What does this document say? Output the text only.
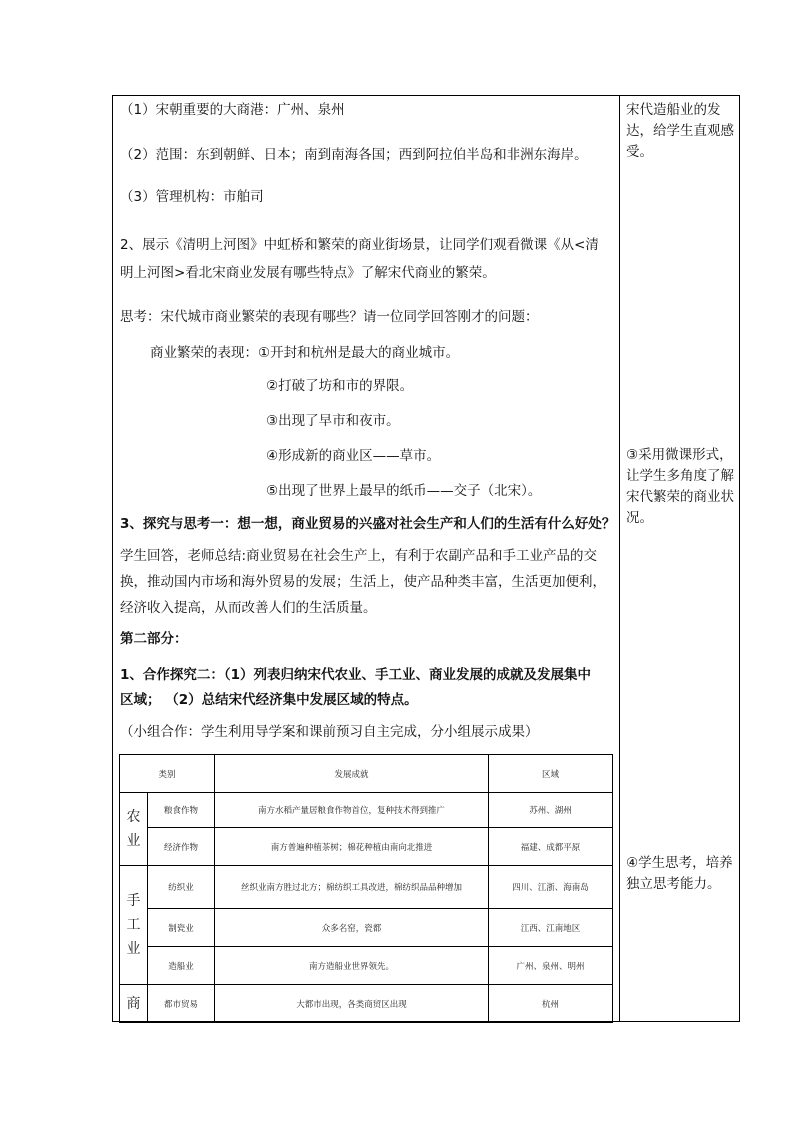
（1）宋朝重要的大商港：广州、泉州
（2）范围：东到朝鲜、日本；南到南海各国；西到阿拉伯半岛和非洲东海岸。
（3）管理机构：市舶司
2、展示《清明上河图》中虹桥和繁荣的商业街场景，让同学们观看微课《从<清
明上河图>看北宋商业发展有哪些特点》了解宋代商业的繁荣。
思考：宋代城市商业繁荣的表现有哪些？请一位同学回答刚才的问题：
商业繁荣的表现：①开封和杭州是最大的商业城市。
②打破了坊和市的界限。
③出现了早市和夜市。
④形成新的商业区——草市。
⑤出现了世界上最早的纸币——交子（北宋）。
3、探究与思考一：想一想，商业贸易的兴盛对社会生产和人们的生活有什么好处？
学生回答，老师总结:商业贸易在社会生产上，有利于农副产品和手工业产品的交换，推动国内市场和海外贸易的发展；生活上，使产品种类丰富，生活更加便利，经济收入提高，从而改善人们的生活质量。
第二部分：
1、合作探究二：（1）列表归纳宋代农业、手工业、商业发展的成就及发展集中
区域； （2）总结宋代经济集中发展区域的特点。
（小组合作：学生利用导学案和课前预习自主完成，分小组展示成果）
宋代造船业的发达，给学生直观感受。
③采用微课形式，让学生多角度了解宋代繁荣的商业状况。
④学生思考，培养独立思考能力。
类别		发展成就	区域
农业	粮食作物	南方水稻产量居粮食作物首位，复种技术得到推广	苏州、湖州
	经济作物	南方普遍种植茶树；棉花种植由南向北推进	福建、成都平原
手工业	纺织业	丝织业南方胜过北方；棉纺织工具改进，棉纺织品品种增加	四川、江浙、海南岛
	制瓷业	众多名窑，瓷都	江西、江南地区
	造船业	南方造船业世界领先。	广州、泉州、明州
商	都市贸易	大都市出现，各类商贸区出现	杭州
